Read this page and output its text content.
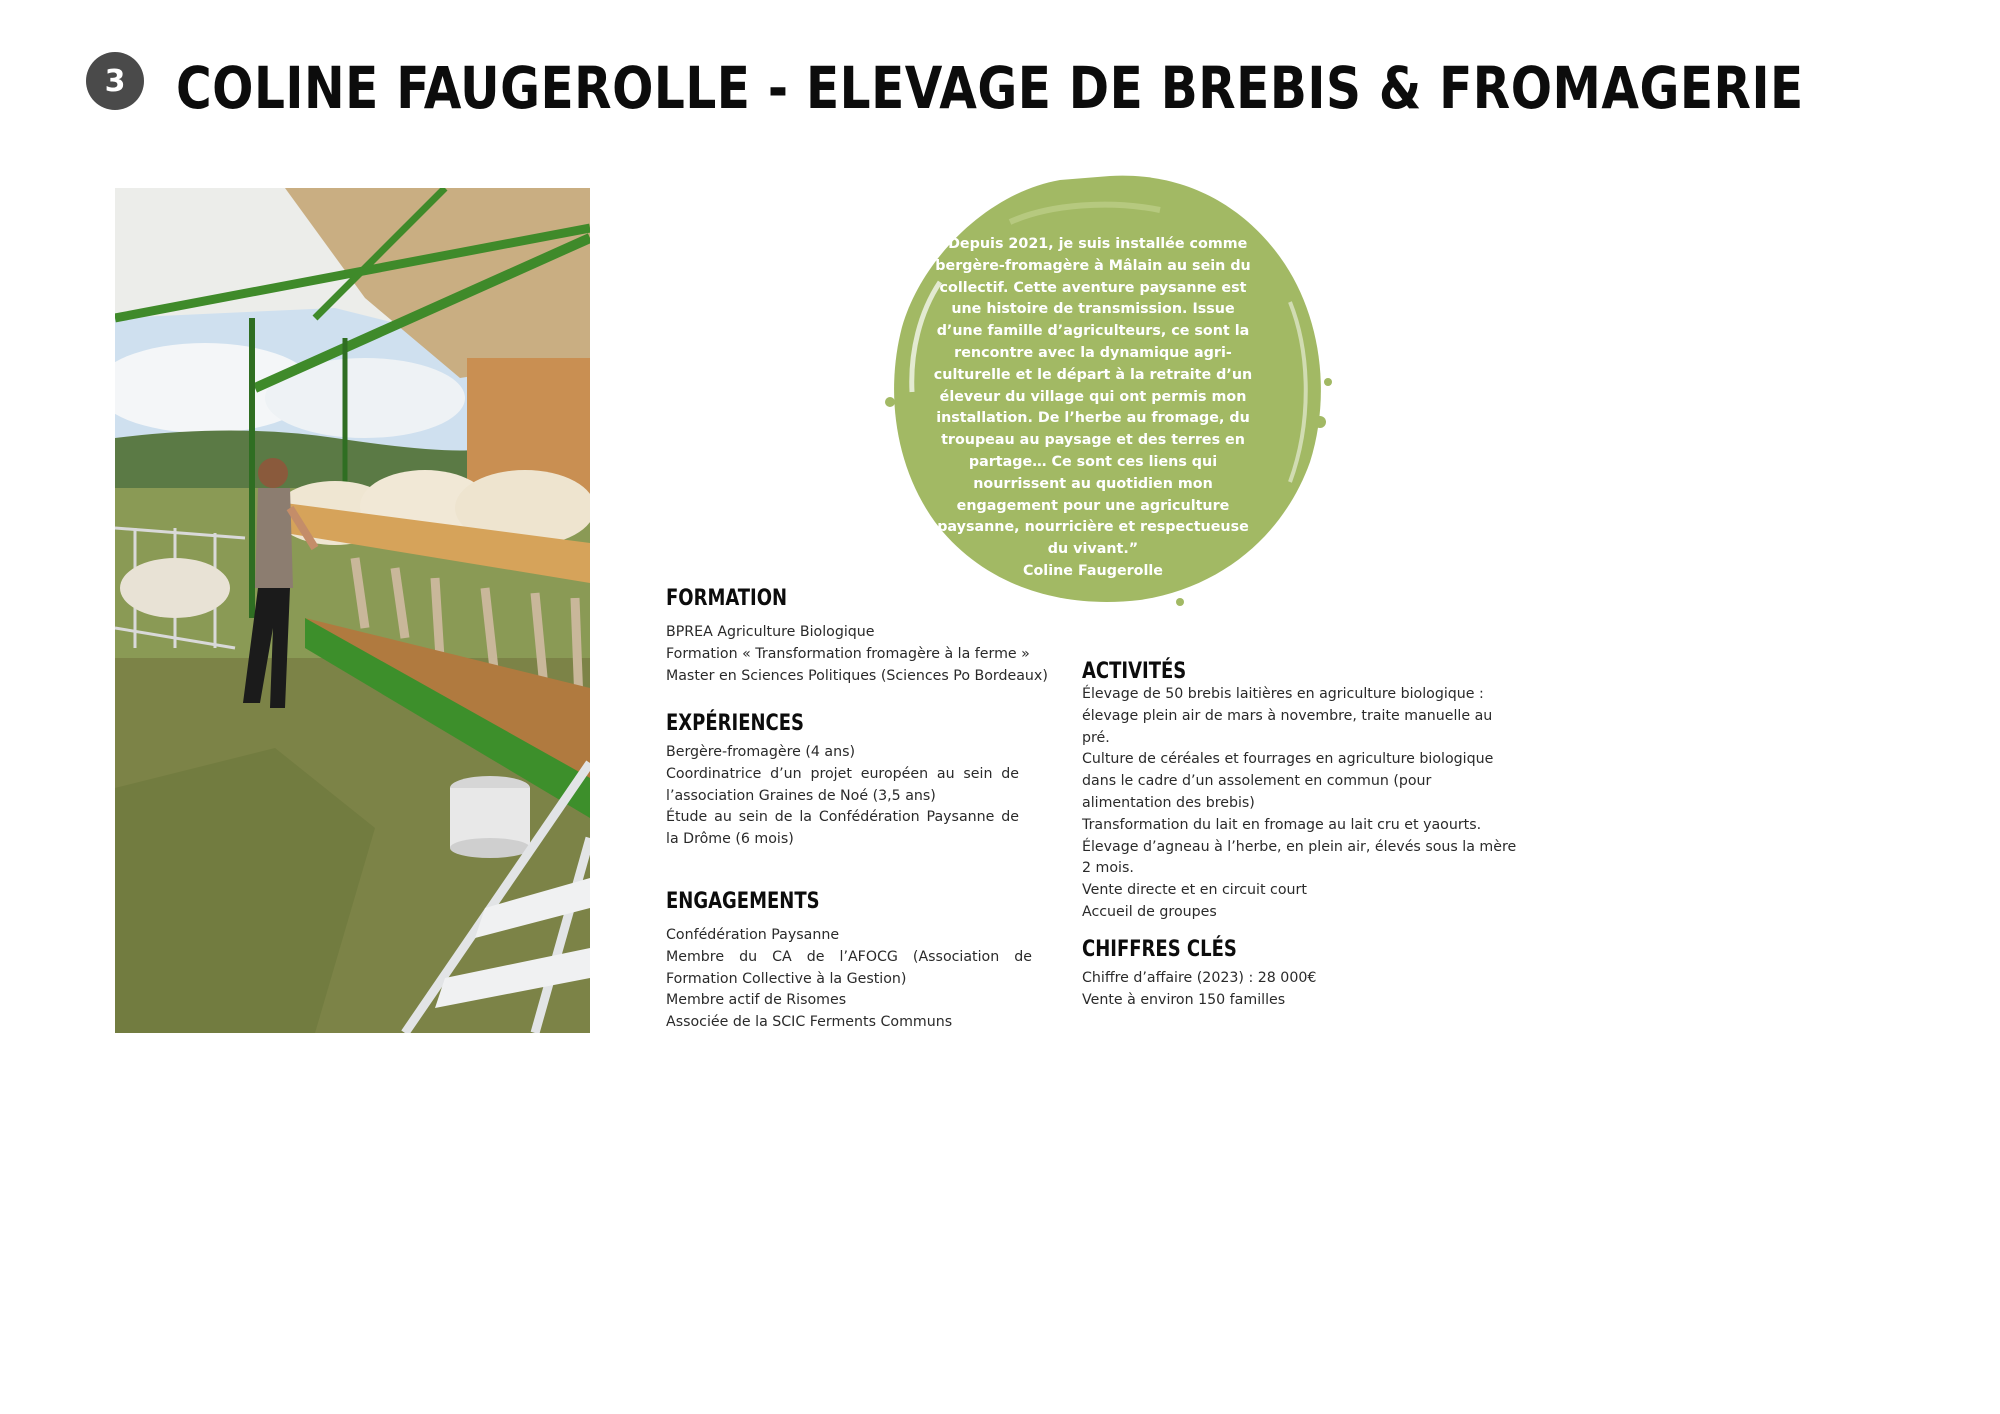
3 COLINE FAUGEROLLE - ELEVAGE DE BREBIS & FROMAGERIE

“Depuis 2021, je suis installée comme bergère-fromagère à Mâlain au sein du collectif. Cette aventure paysanne est une histoire de transmission. Issue d’une famille d’agriculteurs, ce sont la rencontre avec la dynamique agri-culturelle et le départ à la retraite d’un éleveur du village qui ont permis mon installation. De l’herbe au fromage, du troupeau au paysage et des terres en partage… Ce sont ces liens qui nourrissent au quotidien mon engagement pour une agriculture paysanne, nourricière et respectueuse du vivant.”
Coline Faugerolle

FORMATION
BPREA Agriculture Biologique
Formation « Transformation fromagère à la ferme »
Master en Sciences Politiques (Sciences Po Bordeaux)
EXPÉRIENCES
Bergère-fromagère (4 ans)
Coordinatrice d’un projet européen au sein de l’association Graines de Noé (3,5 ans)
Étude au sein de la Confédération Paysanne de la Drôme (6 mois)
ENGAGEMENTS
Confédération Paysanne
Membre du CA de l’AFOCG (Association de Formation Collective à la Gestion)
Membre actif de Risomes
Associée de la SCIC Ferments Communs
ACTIVITÉS
Élevage de 50 brebis laitières en agriculture biologique : élevage plein air de mars à novembre, traite manuelle au pré.
Culture de céréales et fourrages en agriculture biologique dans le cadre d’un assolement en commun (pour alimentation des brebis)
Transformation du lait en fromage au lait cru et yaourts.
Élevage d’agneau à l’herbe, en plein air, élevés sous la mère 2 mois.
Vente directe et en circuit court
Accueil de groupes
CHIFFRES CLÉS
Chiffre d’affaire (2023) : 28 000€
Vente à environ 150 familles
